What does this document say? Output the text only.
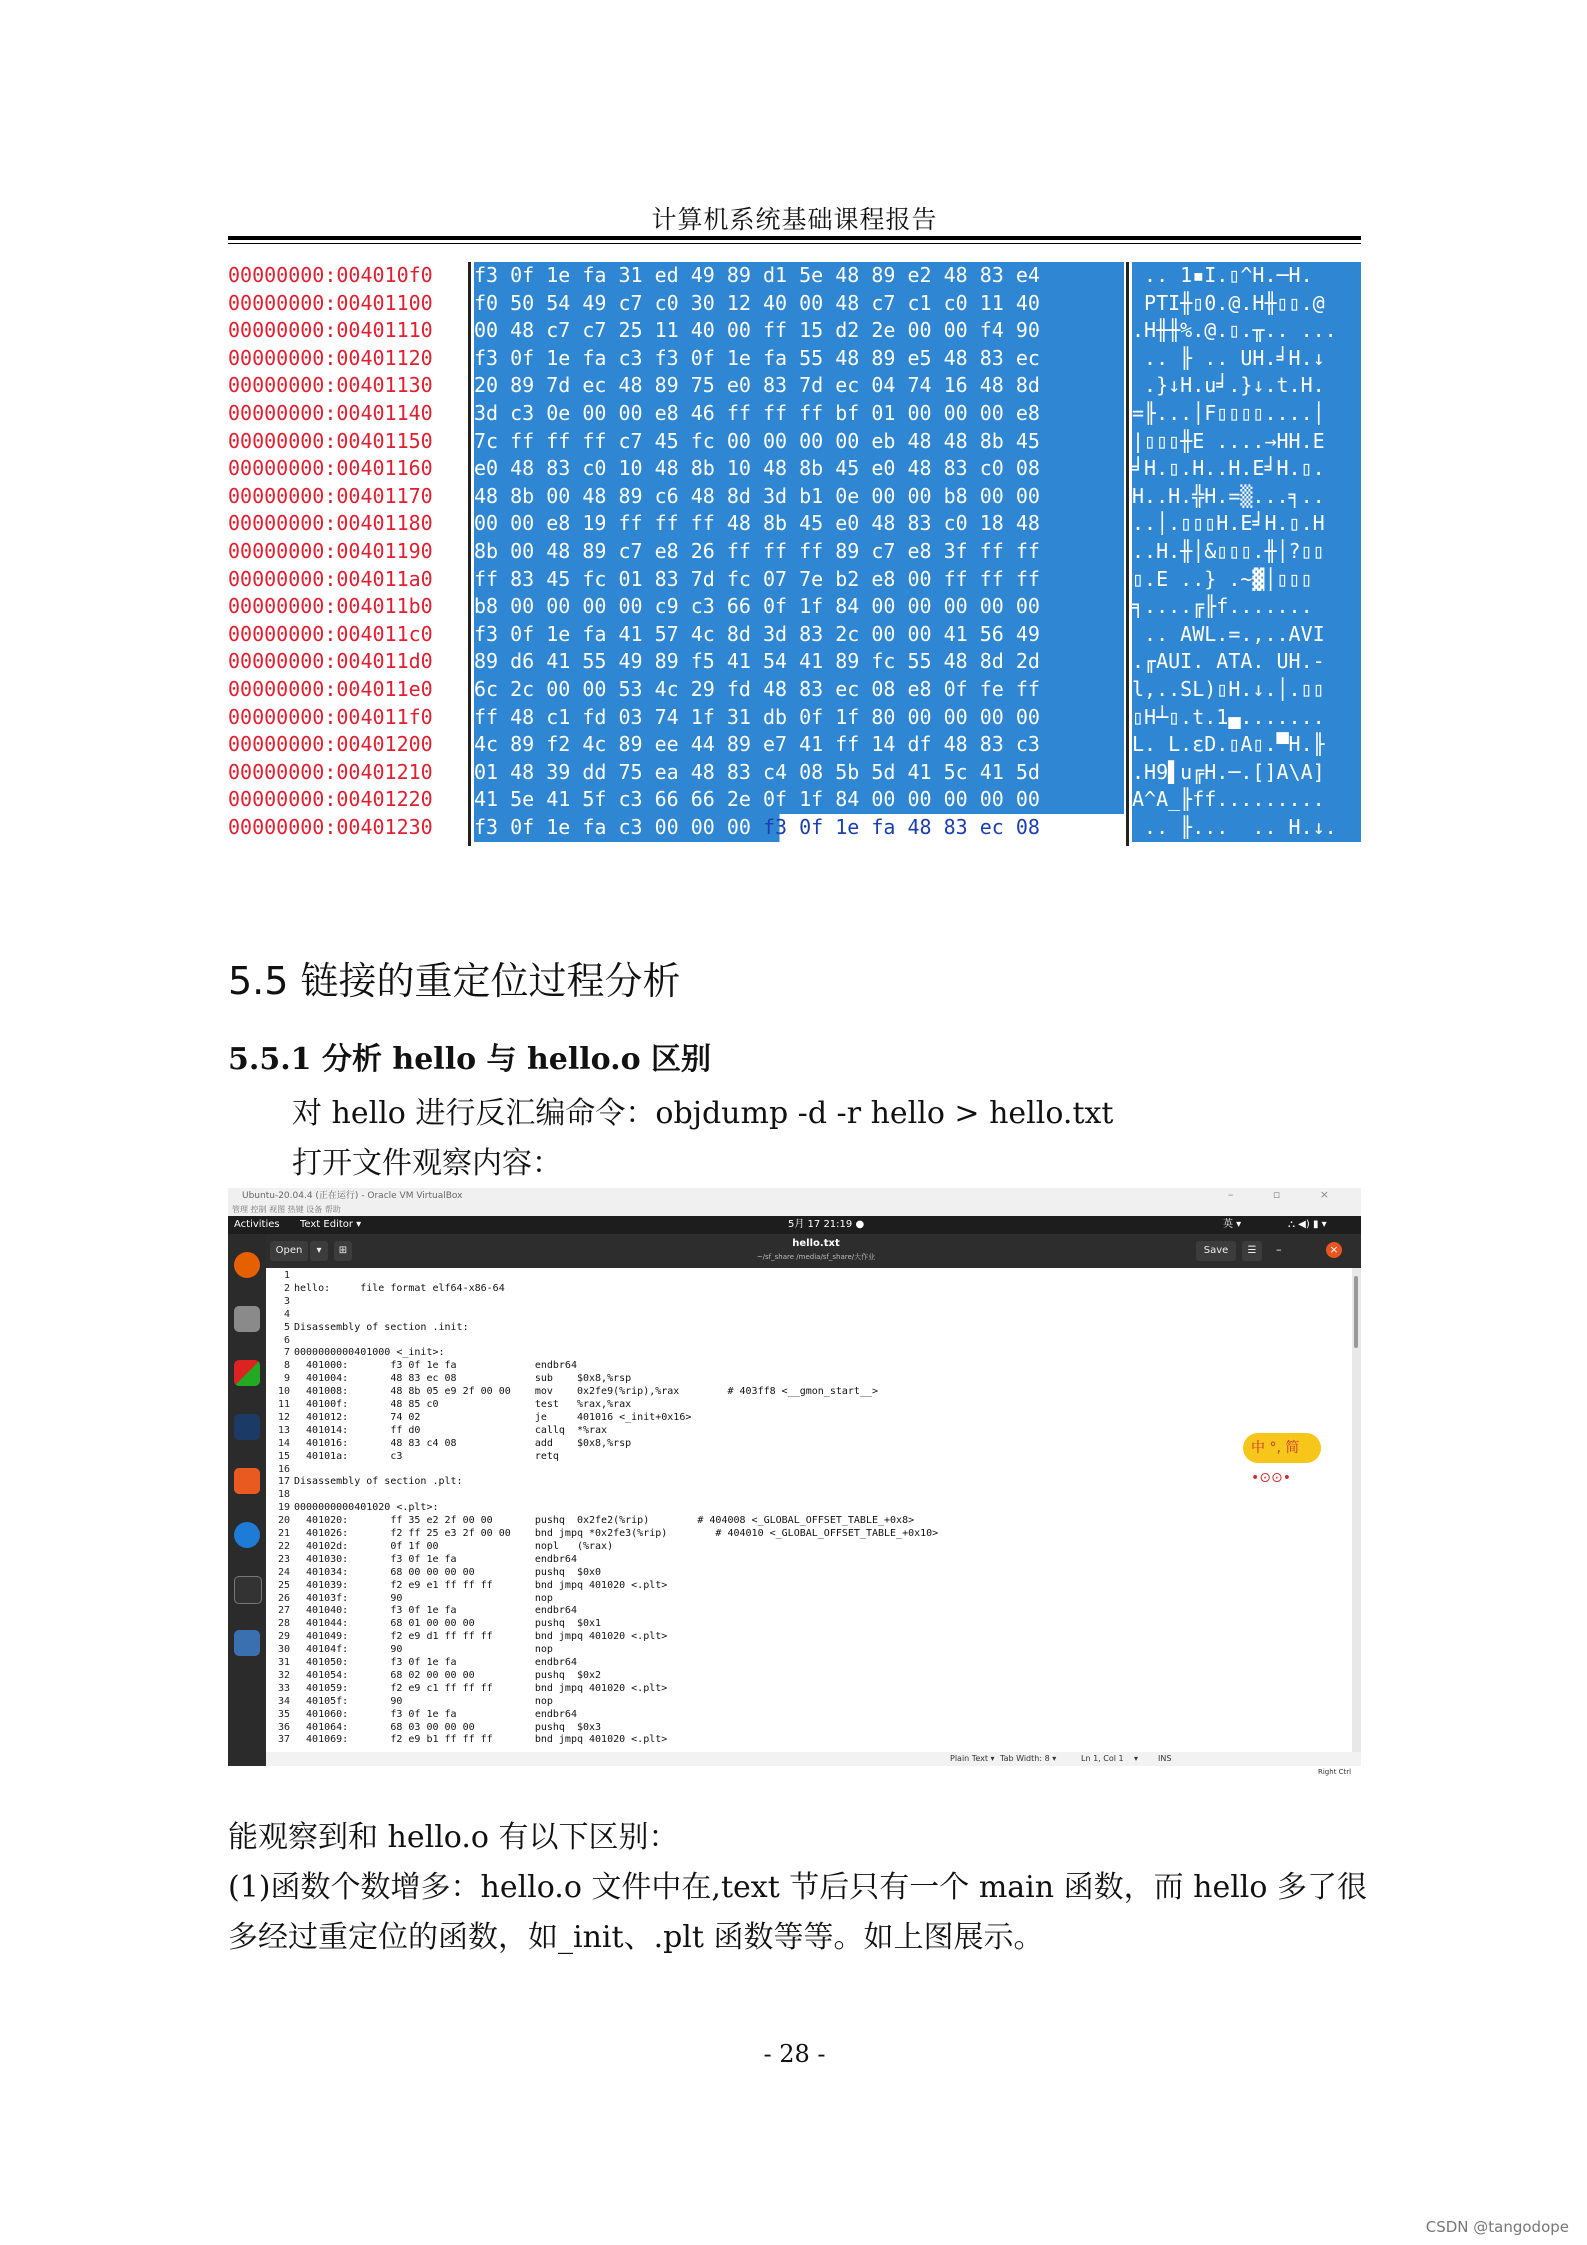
计算机系统基础课程报告
00000000:004010f0	f3 0f 1e fa 31 ed 49 89 d1 5e 48 89 e2 48 83 e4	.. 1▪I.▯^H.─H.
00000000:00401100	f0 50 54 49 c7 c0 30 12 40 00 48 c7 c1 c0 11 40	PTI╫▯0.@.H╫▯▯.@
00000000:00401110	00 48 c7 c7 25 11 40 00 ff 15 d2 2e 00 00 f4 90	.H╫╫%.@.▯.╥.. ...
00000000:00401120	f3 0f 1e fa c3 f3 0f 1e fa 55 48 89 e5 48 83 ec	.. ╟ .. UH.╛H.↓
00000000:00401130	20 89 7d ec 48 89 75 e0 83 7d ec 04 74 16 48 8d	.}↓H.u╛.}↓.t.H.
00000000:00401140	3d c3 0e 00 00 e8 46 ff ff ff bf 01 00 00 00 e8	=╟...│F▯▯▯▯....│
00000000:00401150	7c ff ff ff c7 45 fc 00 00 00 00 eb 48 48 8b 45	|▯▯▯╫E ....→HH.E
00000000:00401160	e0 48 83 c0 10 48 8b 10 48 8b 45 e0 48 83 c0 08	╛H.▯.H..H.E╛H.▯.
00000000:00401170	48 8b 00 48 89 c6 48 8d 3d b1 0e 00 00 b8 00 00	H..H.╬H.=▒...╕..
00000000:00401180	00 00 e8 19 ff ff ff 48 8b 45 e0 48 83 c0 18 48	..│.▯▯▯H.E╛H.▯.H
00000000:00401190	8b 00 48 89 c7 e8 26 ff ff ff 89 c7 e8 3f ff ff	..H.╫│&▯▯▯.╫│?▯▯
00000000:004011a0	ff 83 45 fc 01 83 7d fc 07 7e b2 e8 00 ff ff ff	▯.E ..} .~▓│▯▯▯
00000000:004011b0	b8 00 00 00 00 c9 c3 66 0f 1f 84 00 00 00 00 00	╕....╔╟f.......
00000000:004011c0	f3 0f 1e fa 41 57 4c 8d 3d 83 2c 00 00 41 56 49	.. AWL.=.,..AVI
00000000:004011d0	89 d6 41 55 49 89 f5 41 54 41 89 fc 55 48 8d 2d	.╓AUI. ATA. UH.-
00000000:004011e0	6c 2c 00 00 53 4c 29 fd 48 83 ec 08 e8 0f fe ff	l,..SL)▯H.↓.│.▯▯
00000000:004011f0	ff 48 c1 fd 03 74 1f 31 db 0f 1f 80 00 00 00 00	▯H┴▯.t.1▄.......
00000000:00401200	4c 89 f2 4c 89 ee 44 89 e7 41 ff 14 df 48 83 c3	L. L.εD.▯A▯.▀H.╟
00000000:00401210	01 48 39 dd 75 ea 48 83 c4 08 5b 5d 41 5c 41 5d	.H9▌u╔H.─.[]A\A]
00000000:00401220	41 5e 41 5f c3 66 66 2e 0f 1f 84 00 00 00 00 00	A^A_╟ff.........
00000000:00401230	f3 0f 1e fa c3 00 00 00 f3 0f 1e fa 48 83 ec 08	.. ╟...  .. H.↓.
5.5 链接的重定位过程分析
5.5.1 分析 hello 与 hello.o 区别
对 hello 进行反汇编命令：objdump -d -r hello > hello.txt
打开文件观察内容：
Ubuntu-20.04.4 (正在运行) - Oracle VM VirtualBox	– ▫ ×
管理 控制 视图 热键 设备 帮助
Activities Text Editor ▾	5月 17 21:19 ●	英 ▾	⛬ ◀) ▮ ▾
Open	▾	⊞
hello.txt
~/sf_share /media/sf_share/大作业
Save	☰	–	×
1
2 hello:     file format elf64-x86-64
3
4
5 Disassembly of section .init:
6
7 0000000000401000 <_init>:
8 401000:       f3 0f 1e fa             endbr64
9 401004:       48 83 ec 08             sub    $0x8,%rsp
10 401008:       48 8b 05 e9 2f 00 00    mov    0x2fe9(%rip),%rax        # 403ff8 <__gmon_start__>
11 40100f:       48 85 c0                test   %rax,%rax
12 401012:       74 02                   je     401016 <_init+0x16>
13 401014:       ff d0                   callq  *%rax
14 401016:       48 83 c4 08             add    $0x8,%rsp
15 40101a:       c3                      retq
16
17 Disassembly of section .plt:
18
19 0000000000401020 <.plt>:
20 401020:       ff 35 e2 2f 00 00       pushq  0x2fe2(%rip)        # 404008 <_GLOBAL_OFFSET_TABLE_+0x8>
21 401026:       f2 ff 25 e3 2f 00 00    bnd jmpq *0x2fe3(%rip)        # 404010 <_GLOBAL_OFFSET_TABLE_+0x10>
22 40102d:       0f 1f 00                nopl   (%rax)
23 401030:       f3 0f 1e fa             endbr64
24 401034:       68 00 00 00 00          pushq  $0x0
25 401039:       f2 e9 e1 ff ff ff       bnd jmpq 401020 <.plt>
26 40103f:       90                      nop
27 401040:       f3 0f 1e fa             endbr64
28 401044:       68 01 00 00 00          pushq  $0x1
29 401049:       f2 e9 d1 ff ff ff       bnd jmpq 401020 <.plt>
30 40104f:       90                      nop
31 401050:       f3 0f 1e fa             endbr64
32 401054:       68 02 00 00 00          pushq  $0x2
33 401059:       f2 e9 c1 ff ff ff       bnd jmpq 401020 <.plt>
34 40105f:       90                      nop
35 401060:       f3 0f 1e fa             endbr64
36 401064:       68 03 00 00 00          pushq  $0x3
37 401069:       f2 e9 b1 ff ff ff       bnd jmpq 401020 <.plt>
中 °, 简 •⊙⊙•
Plain Text ▾ Tab Width: 8 ▾	Ln 1, Col 1 ▾ INS
Right Ctrl
能观察到和 hello.o 有以下区别：
(1)函数个数增多：hello.o 文件中在,text 节后只有一个 main 函数，而 hello 多了很
多经过重定位的函数，如_init、.plt 函数等等。如上图展示。
- 28 -
CSDN @tangodope
